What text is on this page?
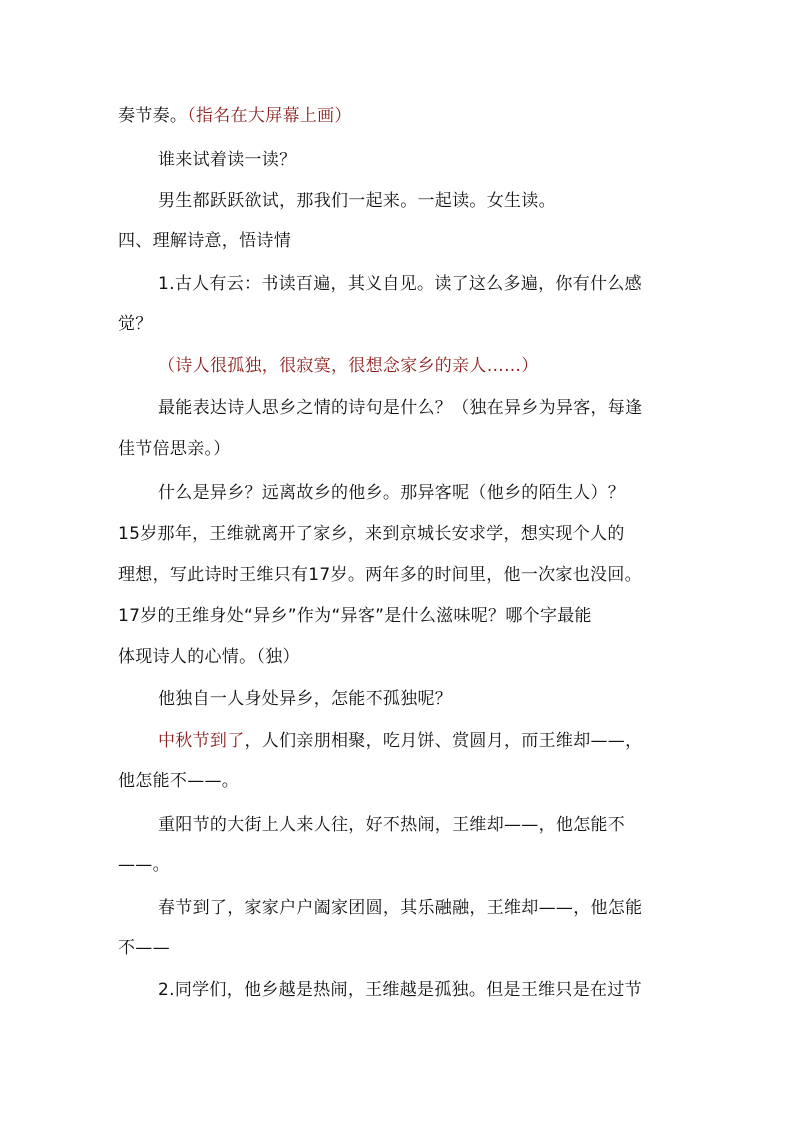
奏节奏。（指名在大屏幕上画）
谁来试着读一读？
男生都跃跃欲试，那我们一起来。一起读。女生读。
四、理解诗意，悟诗情
1.古人有云：书读百遍，其义自见。读了这么多遍，你有什么感
觉？
（诗人很孤独，很寂寞，很想念家乡的亲人……）
最能表达诗人思乡之情的诗句是什么？（独在异乡为异客，每逢
佳节倍思亲。）
什么是异乡？远离故乡的他乡。那异客呢（他乡的陌生人）？
15岁那年，王维就离开了家乡，来到京城长安求学，想实现个人的
理想，写此诗时王维只有17岁。两年多的时间里，他一次家也没回。
17岁的王维身处“异乡”作为“异客”是什么滋味呢？哪个字最能
体现诗人的心情。（独）
他独自一人身处异乡，怎能不孤独呢？
中秋节到了，人们亲朋相聚，吃月饼、赏圆月，而王维却——，
他怎能不——。
重阳节的大街上人来人往，好不热闹，王维却——，他怎能不
——。
春节到了，家家户户阖家团圆，其乐融融，王维却——，他怎能
不——
2.同学们，他乡越是热闹，王维越是孤独。但是王维只是在过节
